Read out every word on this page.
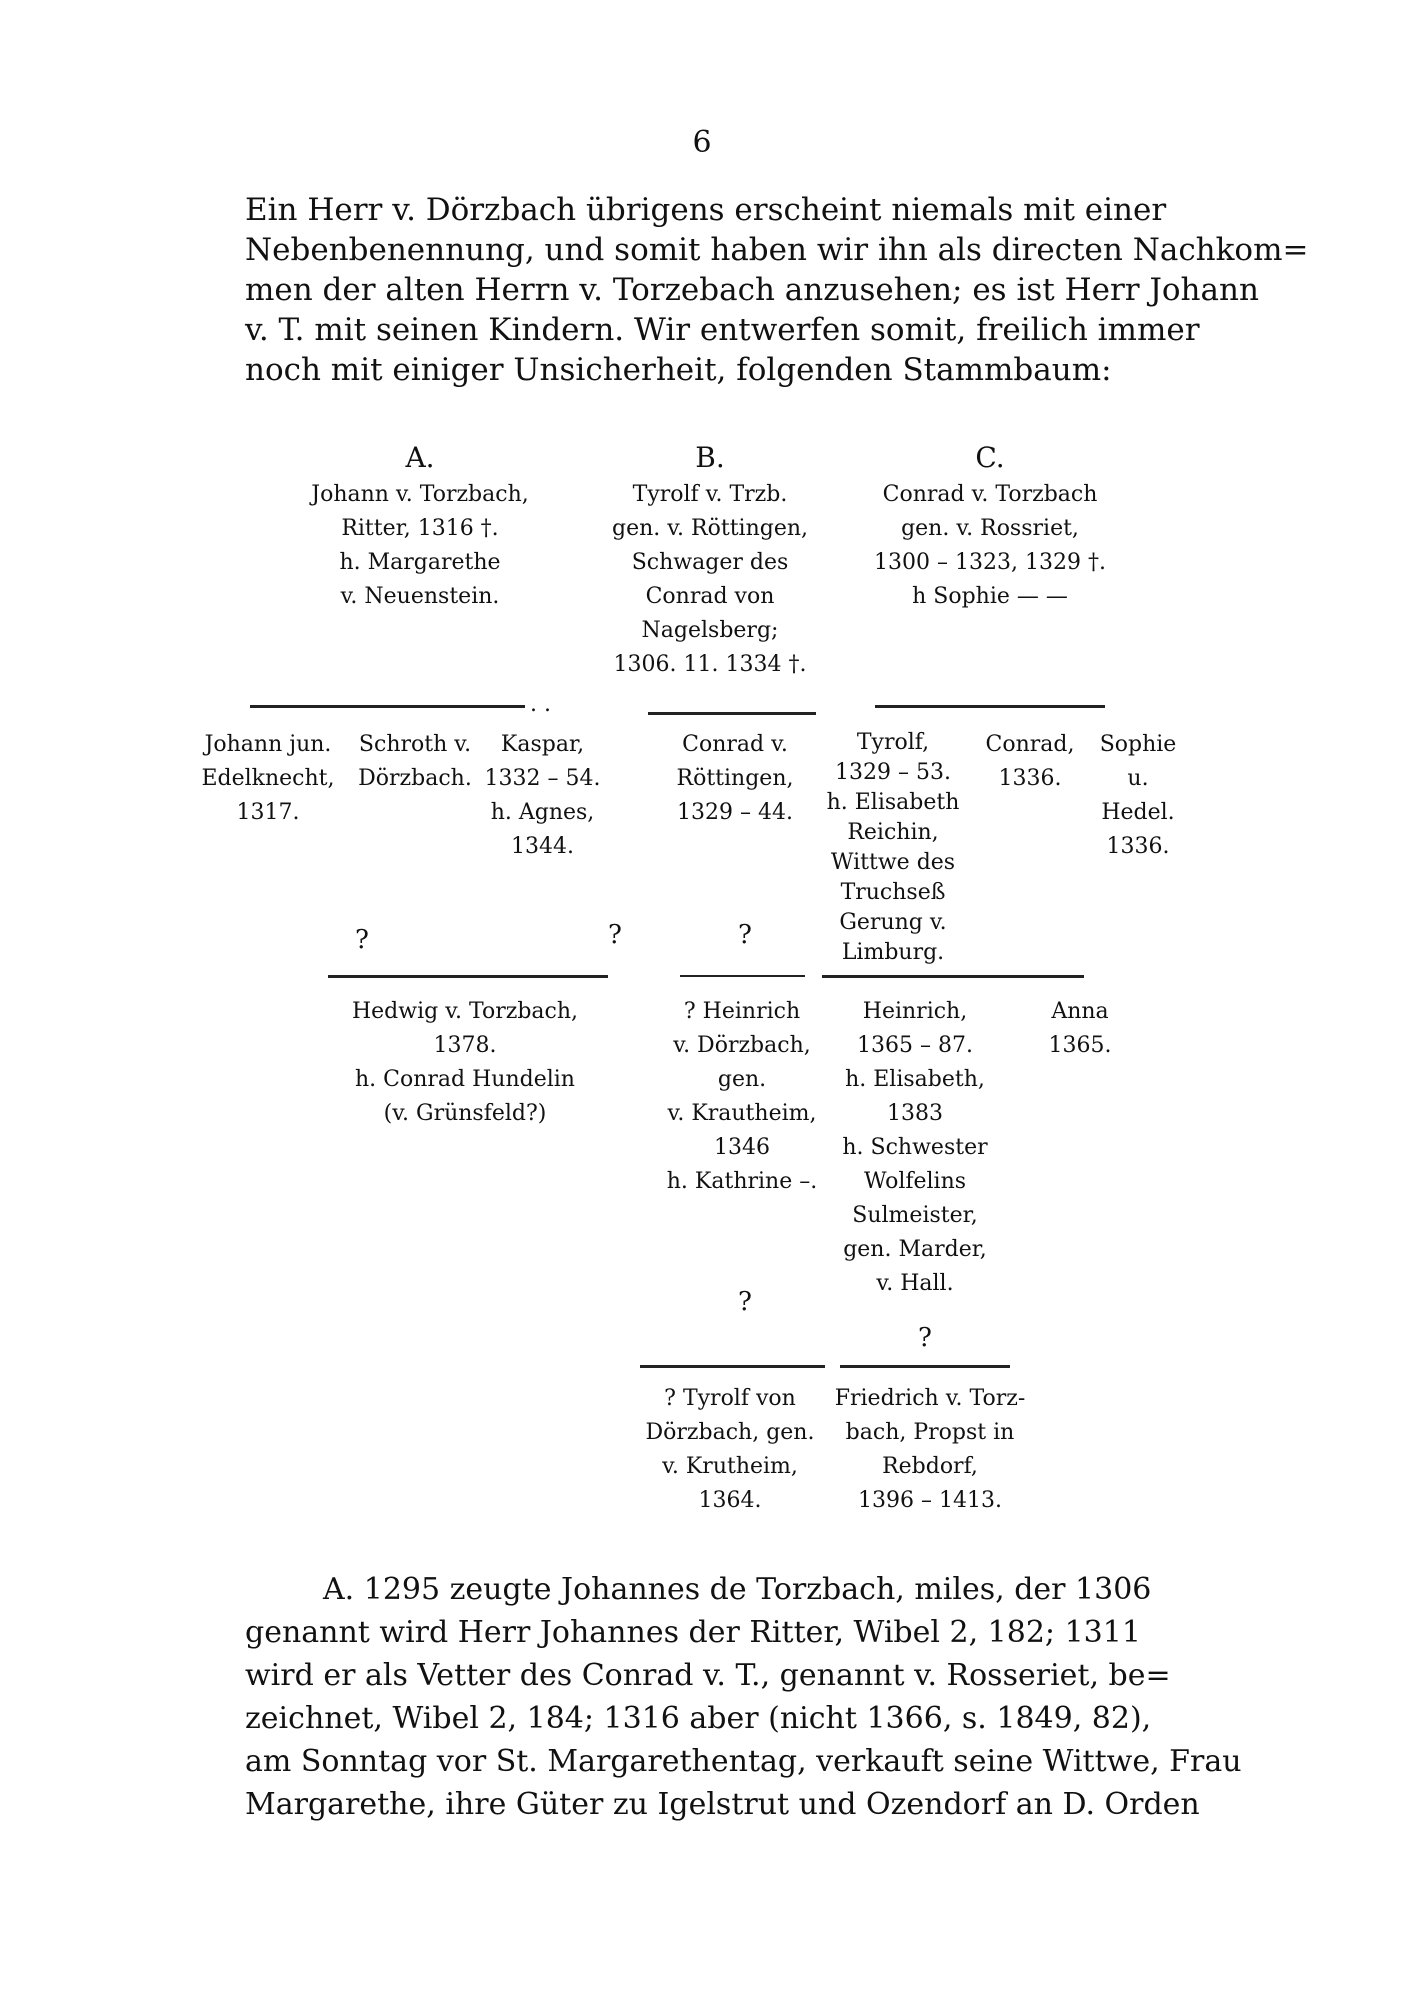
6
Ein Herr v. Dörzbach übrigens erscheint niemals mit einer
Nebenbenennung, und somit haben wir ihn als directen Nachkom=
men der alten Herrn v. Torzebach anzusehen; es ist Herr Johann
v. T. mit seinen Kindern. Wir entwerfen somit, freilich immer
noch mit einiger Unsicherheit, folgenden Stammbaum:
A.
Johann v. Torzbach,
Ritter, 1316 †.
h. Margarethe
v. Neuenstein.
B.
Tyrolf v. Trzb.
gen. v. Röttingen,
Schwager des
Conrad von
Nagelsberg;
1306. 11. 1334 †.
C.
Conrad v. Torzbach
gen. v. Rossriet,
1300 – 1323, 1329 †.
h Sophie — —
. .
Johann jun.
Edelknecht,
1317.
Schroth v.
Dörzbach.
Kaspar,
1332 – 54.
h. Agnes,
1344.
Conrad v.
Röttingen,
1329 – 44.
Tyrolf,
1329 – 53.
h. Elisabeth
Reichin,
Wittwe des
Truchseß
Gerung v.
Limburg.
Conrad,
1336.
Sophie
u.
Hedel.
1336.
?	?	?
Hedwig v. Torzbach,
1378.
h. Conrad Hundelin
(v. Grünsfeld?)
? Heinrich
v. Dörzbach,
gen.
v. Krautheim,
1346
h. Kathrine –.
Heinrich,
1365 – 87.
h. Elisabeth,
1383
h. Schwester
Wolfelins
Sulmeister,
gen. Marder,
v. Hall.
Anna
1365.
?
?
? Tyrolf von
Dörzbach, gen.
v. Krutheim,
1364.
Friedrich v. Torz-
bach, Propst in
Rebdorf,
1396 – 1413.
A. 1295 zeugte Johannes de Torzbach, miles, der 1306
genannt wird Herr Johannes der Ritter, Wibel 2, 182; 1311
wird er als Vetter des Conrad v. T., genannt v. Rosseriet, be=
zeichnet, Wibel 2, 184; 1316 aber (nicht 1366, s. 1849, 82),
am Sonntag vor St. Margarethentag, verkauft seine Wittwe, Frau
Margarethe, ihre Güter zu Igelstrut und Ozendorf an D. Orden
